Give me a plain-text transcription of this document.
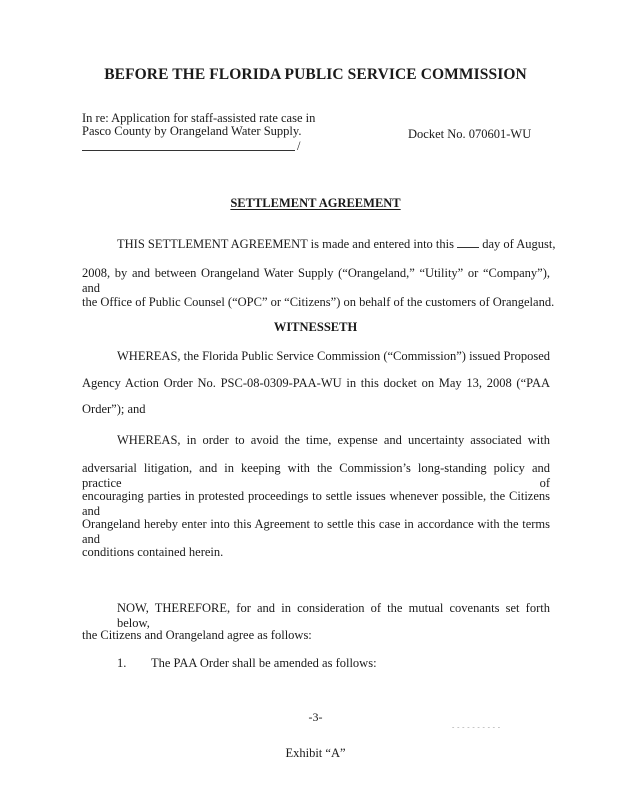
BEFORE THE FLORIDA PUBLIC SERVICE COMMISSION
In re: Application for staff-assisted rate case in
Pasco County by Orangeland Water Supply.
/
Docket No. 070601-WU
SETTLEMENT AGREEMENT
THIS SETTLEMENT AGREEMENT is made and entered into this day of August,
2008, by and between Orangeland Water Supply (“Orangeland,” “Utility” or “Company”), and
the Office of Public Counsel (“OPC” or “Citizens”) on behalf of the customers of Orangeland.
WITNESSETH
WHEREAS, the Florida Public Service Commission (“Commission”) issued Proposed
Agency Action Order No. PSC-08-0309-PAA-WU in this docket on May 13, 2008 (“PAA
Order”); and
WHEREAS, in order to avoid the time, expense and uncertainty associated with
adversarial litigation, and in keeping with the Commission’s long-standing policy and practice of
encouraging parties in protested proceedings to settle issues whenever possible, the Citizens and
Orangeland hereby enter into this Agreement to settle this case in accordance with the terms and
conditions contained herein.
NOW, THEREFORE, for and in consideration of the mutual covenants set forth below,
the Citizens and Orangeland agree as follows:
1. The PAA Order shall be amended as follows:
-3-
- - - - - - - - - -
Exhibit “A”
